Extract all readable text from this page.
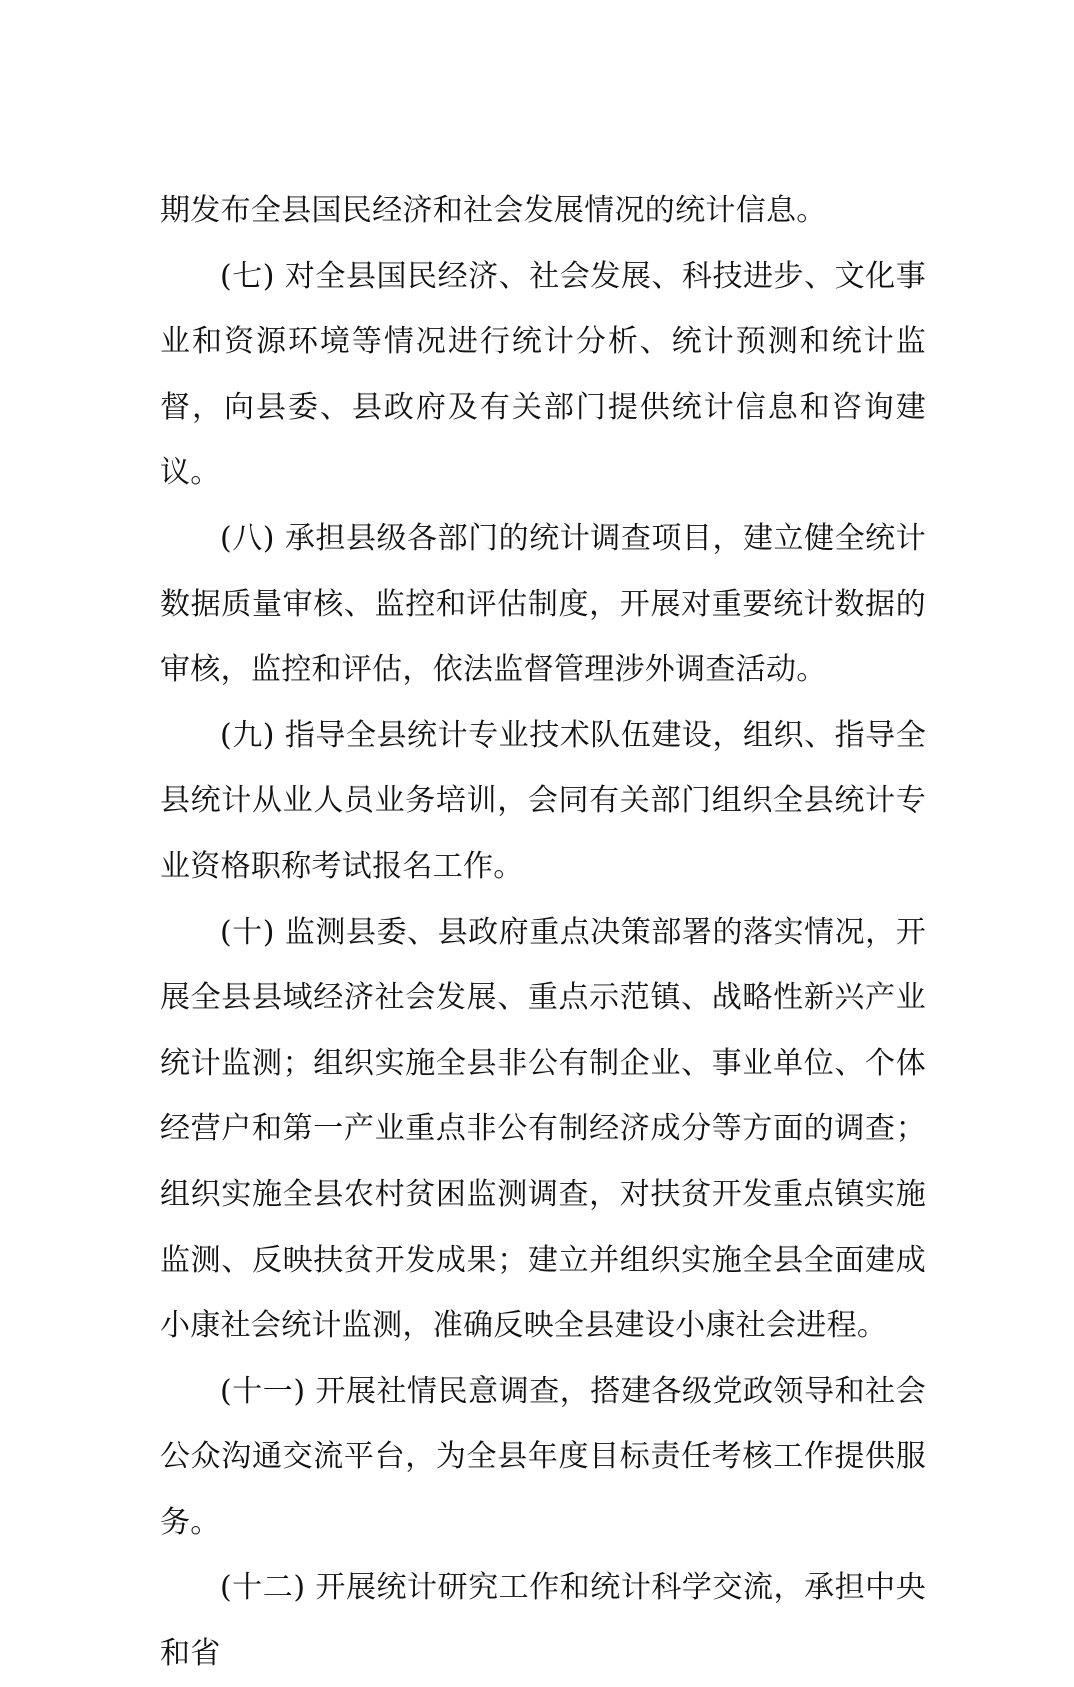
期发布全县国民经济和社会发展情况的统计信息。

(七) 对全县国民经济、社会发展、科技进步、文化事业和资源环境等情况进行统计分析、统计预测和统计监督，向县委、县政府及有关部门提供统计信息和咨询建议。

(八) 承担县级各部门的统计调查项目，建立健全统计数据质量审核、监控和评估制度，开展对重要统计数据的审核，监控和评估，依法监督管理涉外调查活动。

(九) 指导全县统计专业技术队伍建设，组织、指导全县统计从业人员业务培训，会同有关部门组织全县统计专业资格职称考试报名工作。

(十) 监测县委、县政府重点决策部署的落实情况，开展全县县域经济社会发展、重点示范镇、战略性新兴产业统计监测；组织实施全县非公有制企业、事业单位、个体经营户和第一产业重点非公有制经济成分等方面的调查；组织实施全县农村贫困监测调查，对扶贫开发重点镇实施监测、反映扶贫开发成果；建立并组织实施全县全面建成小康社会统计监测，准确反映全县建设小康社会进程。

(十一) 开展社情民意调查，搭建各级党政领导和社会公众沟通交流平台，为全县年度目标责任考核工作提供服务。

(十二) 开展统计研究工作和统计科学交流，承担中央和省
